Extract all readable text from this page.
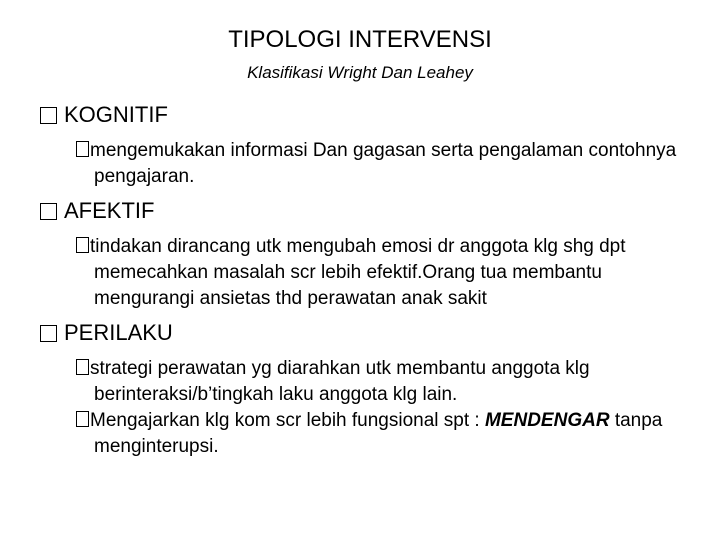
TIPOLOGI INTERVENSI
Klasifikasi Wright Dan Leahey
KOGNITIF
mengemukakan informasi Dan gagasan serta pengalaman contohnya pengajaran.
AFEKTIF
tindakan dirancang utk mengubah emosi dr anggota klg shg dpt memecahkan masalah scr lebih efektif.Orang tua membantu mengurangi ansietas thd perawatan anak sakit
PERILAKU
strategi perawatan yg diarahkan utk membantu anggota klg berinteraksi/b’tingkah laku anggota klg lain.
Mengajarkan klg kom scr lebih fungsional spt : MENDENGAR tanpa menginterupsi.
